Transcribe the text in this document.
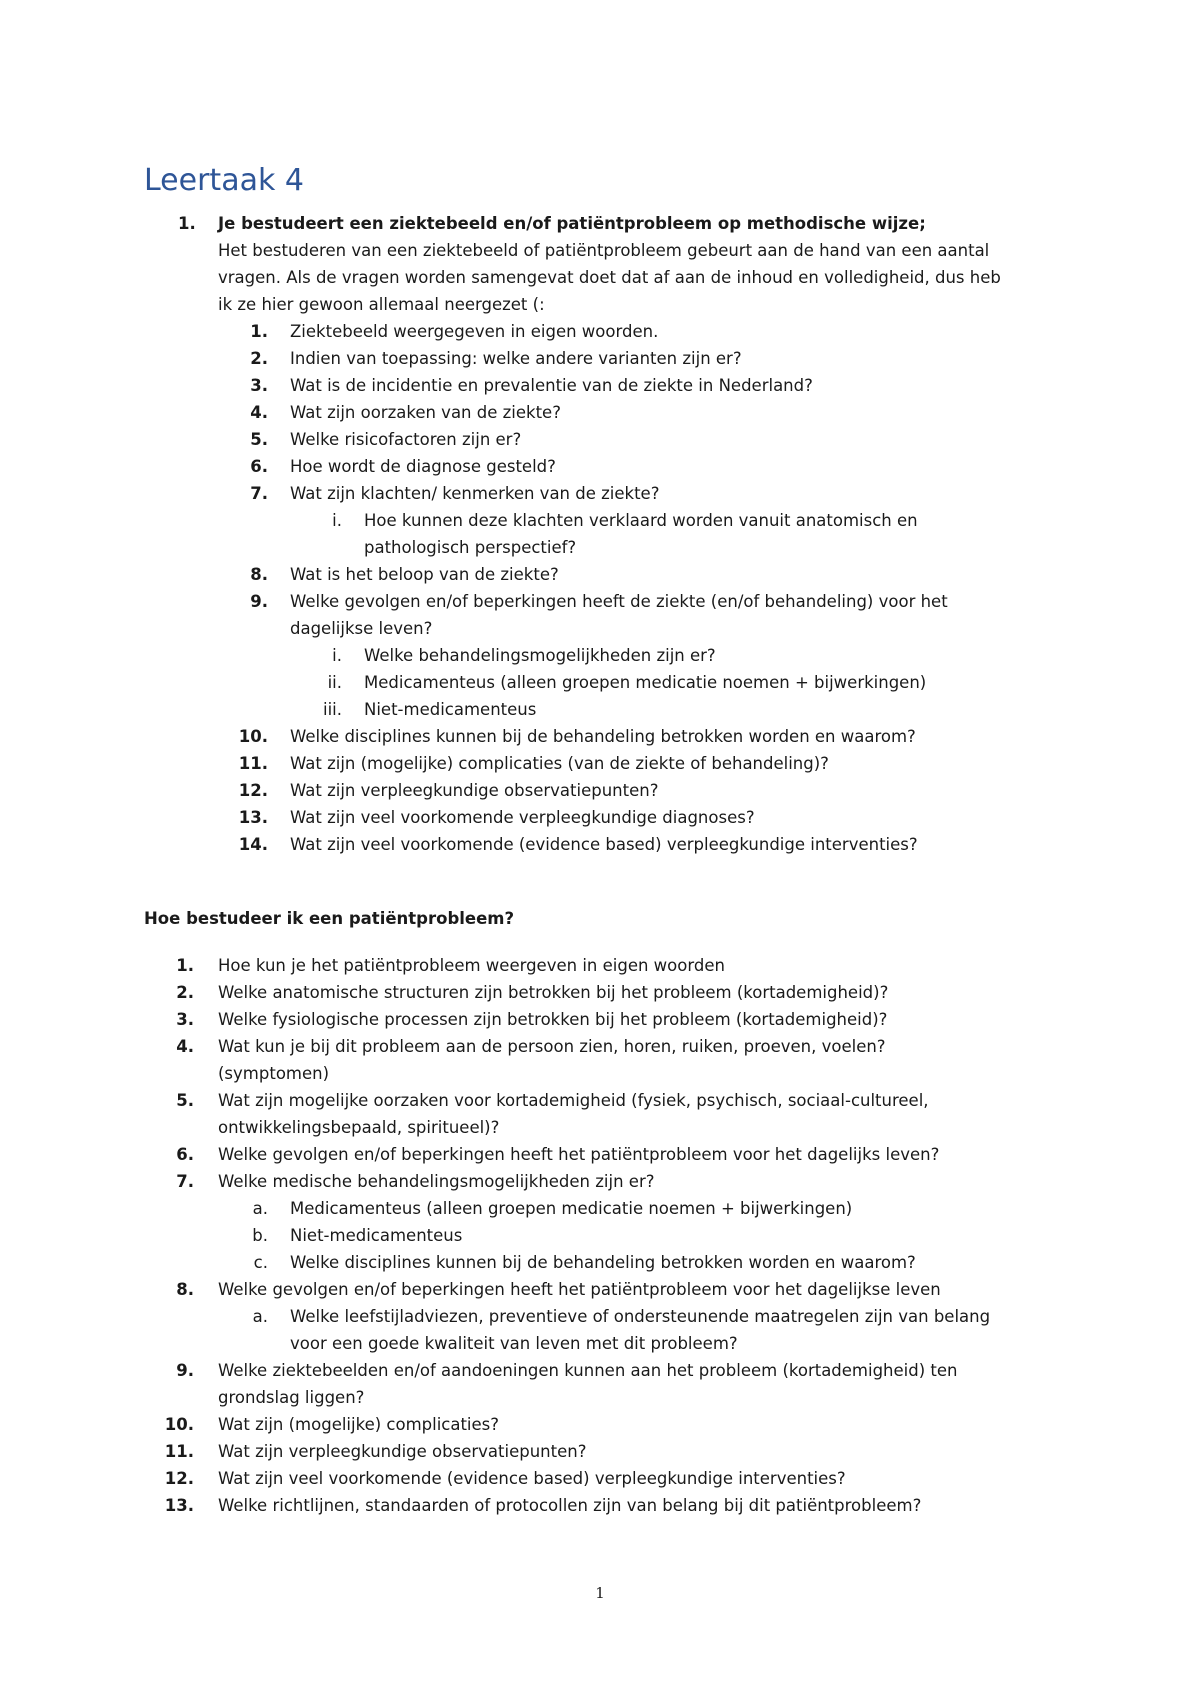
Leertaak 4
1. Je bestudeert een ziektebeeld en/of patiëntprobleem op methodische wijze;
Het bestuderen van een ziektebeeld of patiëntprobleem gebeurt aan de hand van een aantal
vragen. Als de vragen worden samengevat doet dat af aan de inhoud en volledigheid, dus heb
ik ze hier gewoon allemaal neergezet (:
1. Ziektebeeld weergegeven in eigen woorden.
2. Indien van toepassing: welke andere varianten zijn er?
3. Wat is de incidentie en prevalentie van de ziekte in Nederland?
4. Wat zijn oorzaken van de ziekte?
5. Welke risicofactoren zijn er?
6. Hoe wordt de diagnose gesteld?
7. Wat zijn klachten/ kenmerken van de ziekte?
i. Hoe kunnen deze klachten verklaard worden vanuit anatomisch en
pathologisch perspectief?
8. Wat is het beloop van de ziekte?
9. Welke gevolgen en/of beperkingen heeft de ziekte (en/of behandeling) voor het
dagelijkse leven?
i. Welke behandelingsmogelijkheden zijn er?
ii. Medicamenteus (alleen groepen medicatie noemen + bijwerkingen)
iii. Niet-medicamenteus
10. Welke disciplines kunnen bij de behandeling betrokken worden en waarom?
11. Wat zijn (mogelijke) complicaties (van de ziekte of behandeling)?
12. Wat zijn verpleegkundige observatiepunten?
13. Wat zijn veel voorkomende verpleegkundige diagnoses?
14. Wat zijn veel voorkomende (evidence based) verpleegkundige interventies?
Hoe bestudeer ik een patiëntprobleem?
1. Hoe kun je het patiëntprobleem weergeven in eigen woorden
2. Welke anatomische structuren zijn betrokken bij het probleem (kortademigheid)?
3. Welke fysiologische processen zijn betrokken bij het probleem (kortademigheid)?
4. Wat kun je bij dit probleem aan de persoon zien, horen, ruiken, proeven, voelen?
(symptomen)
5. Wat zijn mogelijke oorzaken voor kortademigheid (fysiek, psychisch, sociaal-cultureel,
ontwikkelingsbepaald, spiritueel)?
6. Welke gevolgen en/of beperkingen heeft het patiëntprobleem voor het dagelijks leven?
7. Welke medische behandelingsmogelijkheden zijn er?
a. Medicamenteus (alleen groepen medicatie noemen + bijwerkingen)
b. Niet-medicamenteus
c. Welke disciplines kunnen bij de behandeling betrokken worden en waarom?
8. Welke gevolgen en/of beperkingen heeft het patiëntprobleem voor het dagelijkse leven
a. Welke leefstijladviezen, preventieve of ondersteunende maatregelen zijn van belang
voor een goede kwaliteit van leven met dit probleem?
9. Welke ziektebeelden en/of aandoeningen kunnen aan het probleem (kortademigheid) ten
grondslag liggen?
10. Wat zijn (mogelijke) complicaties?
11. Wat zijn verpleegkundige observatiepunten?
12. Wat zijn veel voorkomende (evidence based) verpleegkundige interventies?
13. Welke richtlijnen, standaarden of protocollen zijn van belang bij dit patiëntprobleem?
1
